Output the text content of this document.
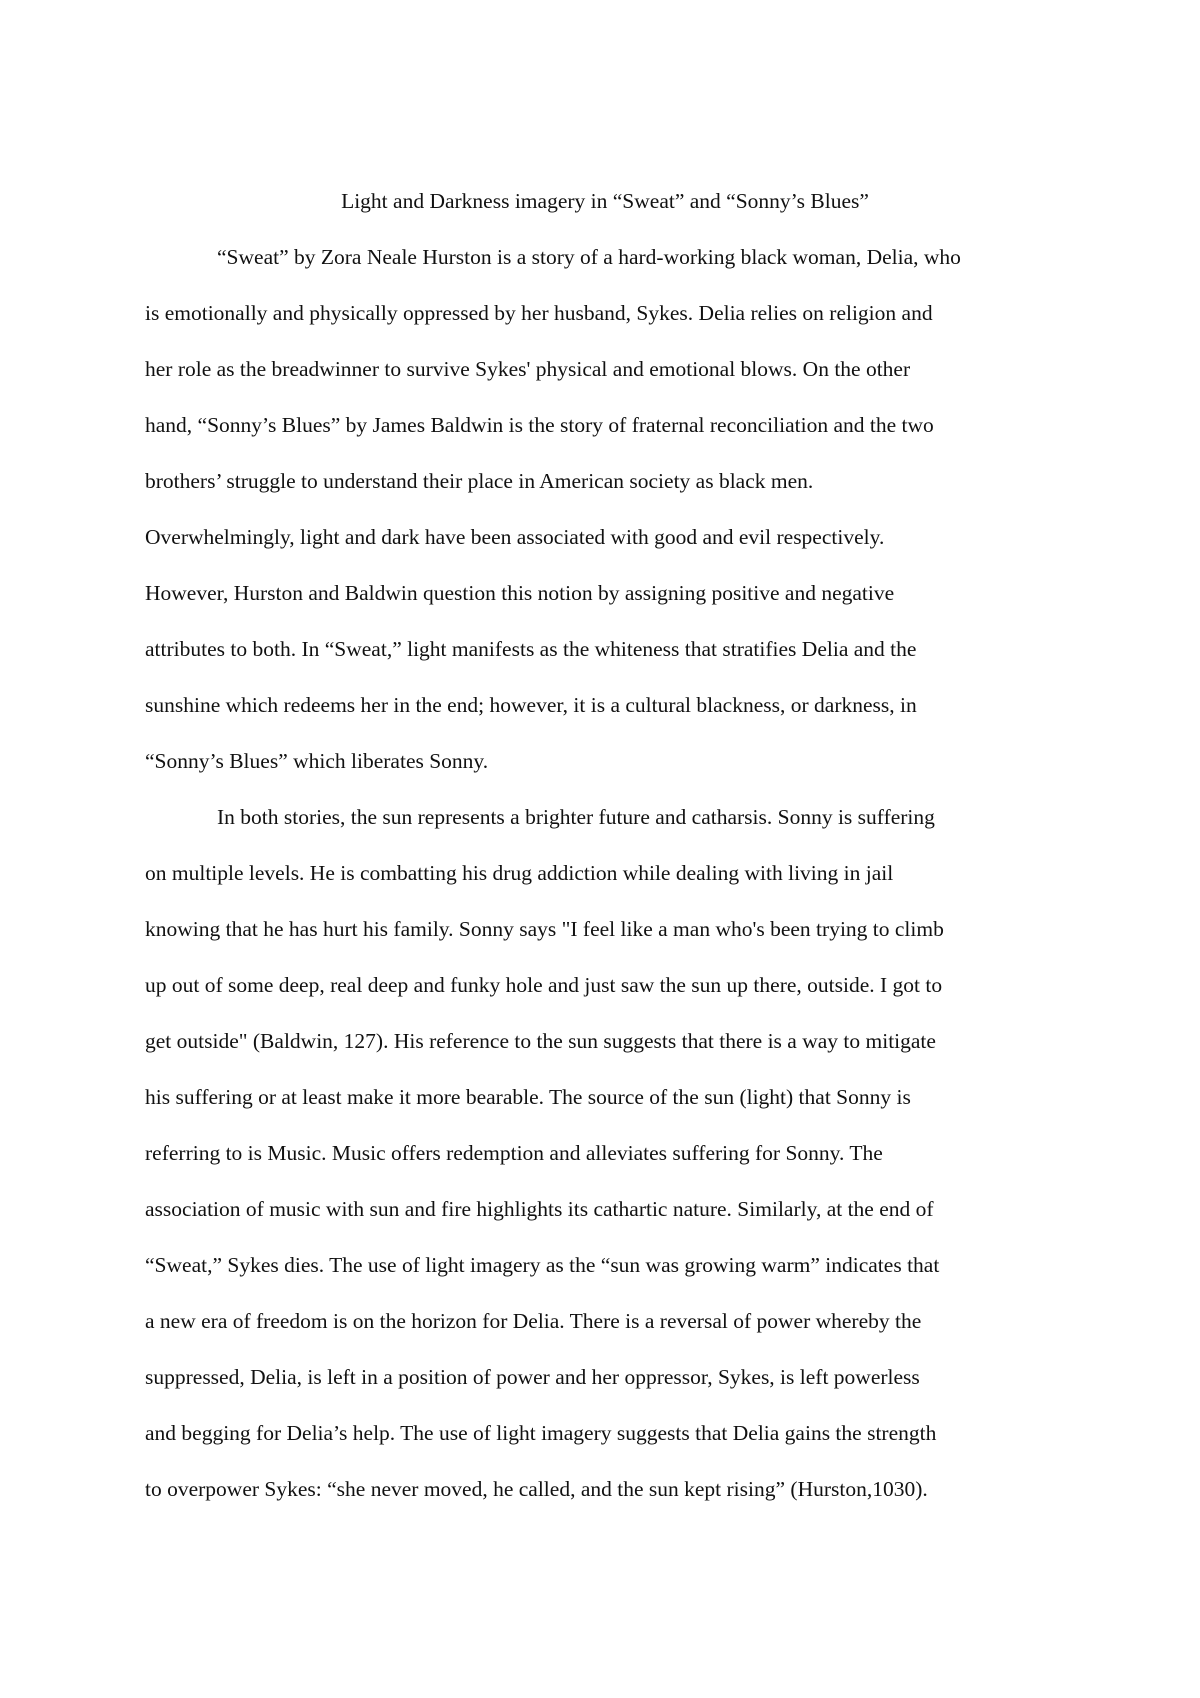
Light and Darkness imagery in “Sweat” and “Sonny’s Blues”

“Sweat” by Zora Neale Hurston is a story of a hard-working black woman, Delia, who
is emotionally and physically oppressed by her husband, Sykes. Delia relies on religion and
her role as the breadwinner to survive Sykes' physical and emotional blows. On the other
hand, “Sonny’s Blues” by James Baldwin is the story of fraternal reconciliation and the two
brothers’ struggle to understand their place in American society as black men.
Overwhelmingly, light and dark have been associated with good and evil respectively.
However, Hurston and Baldwin question this notion by assigning positive and negative
attributes to both. In “Sweat,” light manifests as the whiteness that stratifies Delia and the
sunshine which redeems her in the end; however, it is a cultural blackness, or darkness, in
“Sonny’s Blues” which liberates Sonny.

In both stories, the sun represents a brighter future and catharsis. Sonny is suffering
on multiple levels. He is combatting his drug addiction while dealing with living in jail
knowing that he has hurt his family. Sonny says "I feel like a man who's been trying to climb
up out of some deep, real deep and funky hole and just saw the sun up there, outside. I got to
get outside" (Baldwin, 127). His reference to the sun suggests that there is a way to mitigate
his suffering or at least make it more bearable. The source of the sun (light) that Sonny is
referring to is Music. Music offers redemption and alleviates suffering for Sonny. The
association of music with sun and fire highlights its cathartic nature. Similarly, at the end of
“Sweat,” Sykes dies. The use of light imagery as the “sun was growing warm” indicates that
a new era of freedom is on the horizon for Delia. There is a reversal of power whereby the
suppressed, Delia, is left in a position of power and her oppressor, Sykes, is left powerless
and begging for Delia’s help. The use of light imagery suggests that Delia gains the strength
to overpower Sykes: “she never moved, he called, and the sun kept rising” (Hurston,1030).
